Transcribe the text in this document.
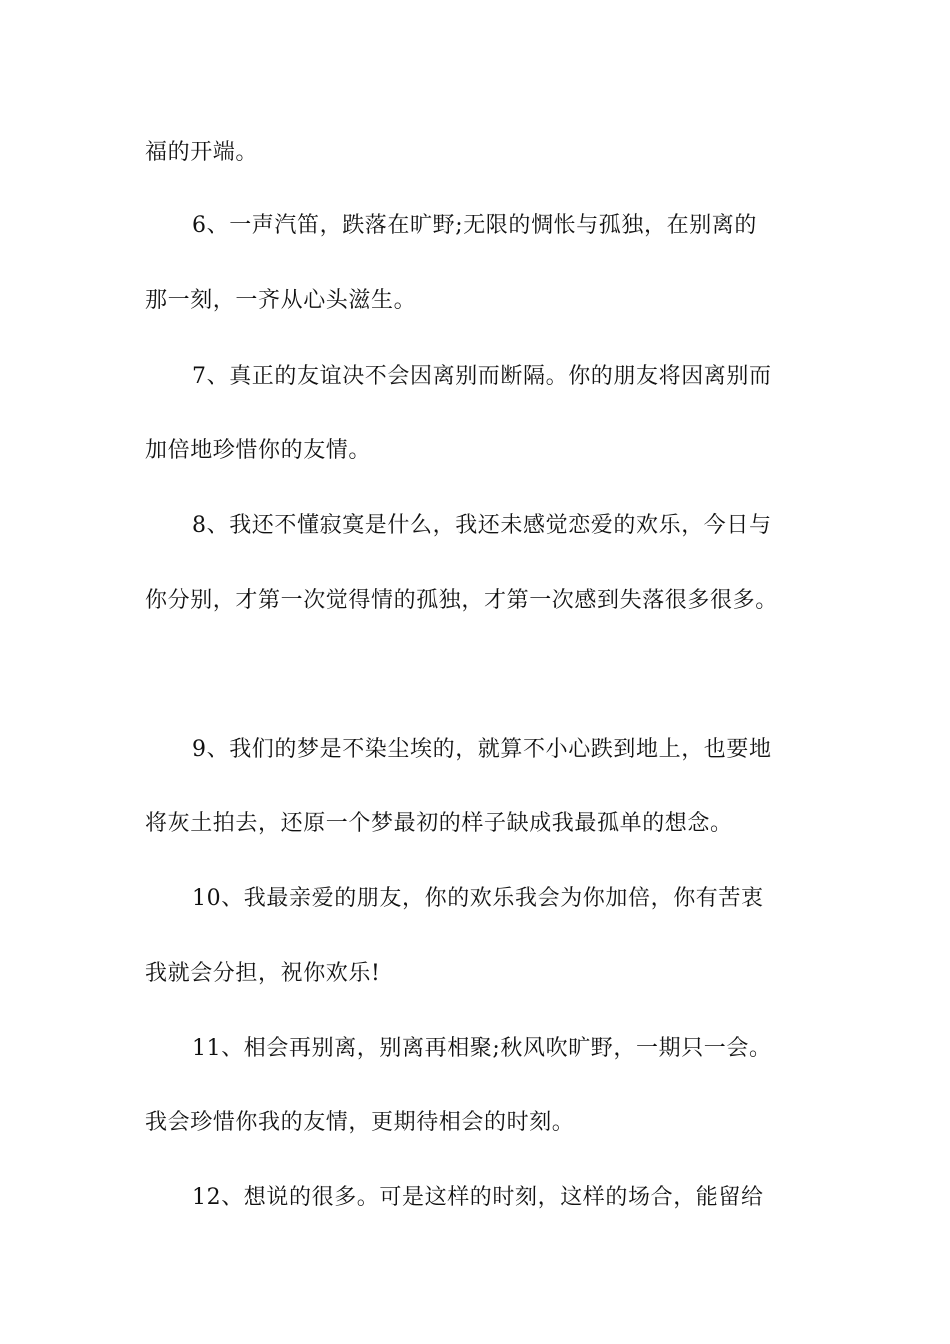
福的开端。
6、一声汽笛，跌落在旷野;无限的惆怅与孤独，在别离的
那一刻，一齐从心头滋生。
7、真正的友谊决不会因离别而断隔。你的朋友将因离别而
加倍地珍惜你的友情。
8、我还不懂寂寞是什么，我还未感觉恋爱的欢乐，今日与
你分别，才第一次觉得情的孤独，才第一次感到失落很多很多。
9、我们的梦是不染尘埃的，就算不小心跌到地上，也要地
将灰土拍去，还原一个梦最初的样子缺成我最孤单的想念。
10、我最亲爱的朋友，你的欢乐我会为你加倍，你有苦衷
我就会分担，祝你欢乐!
11、相会再别离，别离再相聚;秋风吹旷野，一期只一会。
我会珍惜你我的友情，更期待相会的时刻。
12、想说的很多。可是这样的时刻，这样的场合，能留给
